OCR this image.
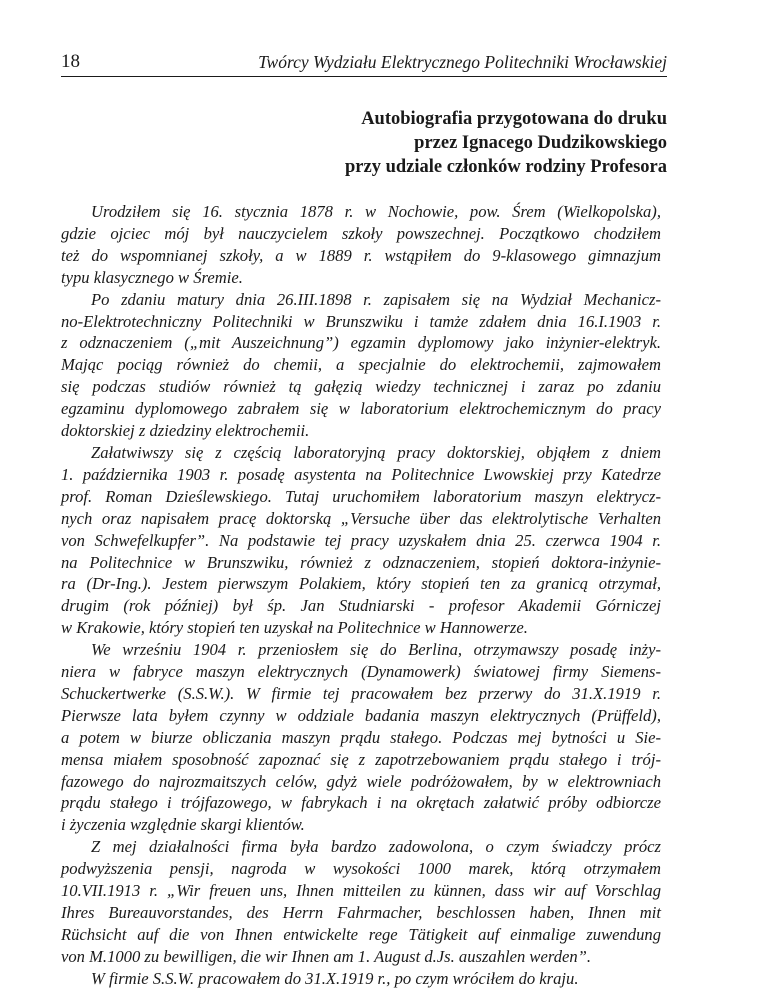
18	Twórcy Wydziału Elektrycznego Politechniki Wrocławskiej
Autobiografia przygotowana do druku
przez Ignacego Dudzikowskiego
przy udziale członków rodziny Profesora

Urodziłem się 16. stycznia 1878 r. w Nochowie, pow. Śrem (Wielkopolska),
gdzie ojciec mój był nauczycielem szkoły powszechnej. Początkowo chodziłem
też do wspomnianej szkoły, a w 1889 r. wstąpiłem do 9-klasowego gimnazjum
typu klasycznego w Śremie.

Po zdaniu matury dnia 26.III.1898 r. zapisałem się na Wydział Mechanicz-
no-Elektrotechniczny Politechniki w Brunszwiku i tamże zdałem dnia 16.I.1903 r.
z odznaczeniem („mit Auszeichnung”) egzamin dyplomowy jako inżynier-elektryk.
Mając pociąg również do chemii, a specjalnie do elektrochemii, zajmowałem
się podczas studiów również tą gałęzią wiedzy technicznej i zaraz po zdaniu
egzaminu dyplomowego zabrałem się w laboratorium elektrochemicznym do pracy
doktorskiej z dziedziny elektrochemii.

Załatwiwszy się z częścią laboratoryjną pracy doktorskiej, objąłem z dniem
1. października 1903 r. posadę asystenta na Politechnice Lwowskiej przy Katedrze
prof. Roman Dzieślewskiego. Tutaj uruchomiłem laboratorium maszyn elektrycz-
nych oraz napisałem pracę doktorską „Versuche über das elektrolytische Verhalten
von Schwefelkupfer”. Na podstawie tej pracy uzyskałem dnia 25. czerwca 1904 r.
na Politechnice w Brunszwiku, również z odznaczeniem, stopień doktora-inżynie-
ra (Dr-Ing.). Jestem pierwszym Polakiem, który stopień ten za granicą otrzymał,
drugim (rok później) był śp. Jan Studniarski - profesor Akademii Górniczej
w Krakowie, który stopień ten uzyskał na Politechnice w Hannowerze.

We wrześniu 1904 r. przeniosłem się do Berlina, otrzymawszy posadę inży-
niera w fabryce maszyn elektrycznych (Dynamowerk) światowej firmy Siemens-
Schuckertwerke (S.S.W.). W firmie tej pracowałem bez przerwy do 31.X.1919 r.
Pierwsze lata byłem czynny w oddziale badania maszyn elektrycznych (Prüffeld),
a potem w biurze obliczania maszyn prądu stałego. Podczas mej bytności u Sie-
mensa miałem sposobność zapoznać się z zapotrzebowaniem prądu stałego i trój-
fazowego do najrozmaitszych celów, gdyż wiele podróżowałem, by w elektrowniach
prądu stałego i trójfazowego, w fabrykach i na okrętach załatwić próby odbiorcze
i życzenia względnie skargi klientów.

Z mej działalności firma była bardzo zadowolona, o czym świadczy prócz
podwyższenia pensji, nagroda w wysokości 1000 marek, którą otrzymałem
10.VII.1913 r. „Wir freuen uns, Ihnen mitteilen zu künnen, dass wir auf Vorschlag
Ihres Bureauvorstandes, des Herrn Fahrmacher, beschlossen haben, Ihnen mit
Rüchsicht auf die von Ihnen entwickelte rege Tätigkeit auf einmalige zuwendung
von M.1000 zu bewilligen, die wir Ihnen am 1. August d.Js. auszahlen werden”.

W firmie S.S.W. pracowałem do 31.X.1919 r., po czym wróciłem do kraju.
